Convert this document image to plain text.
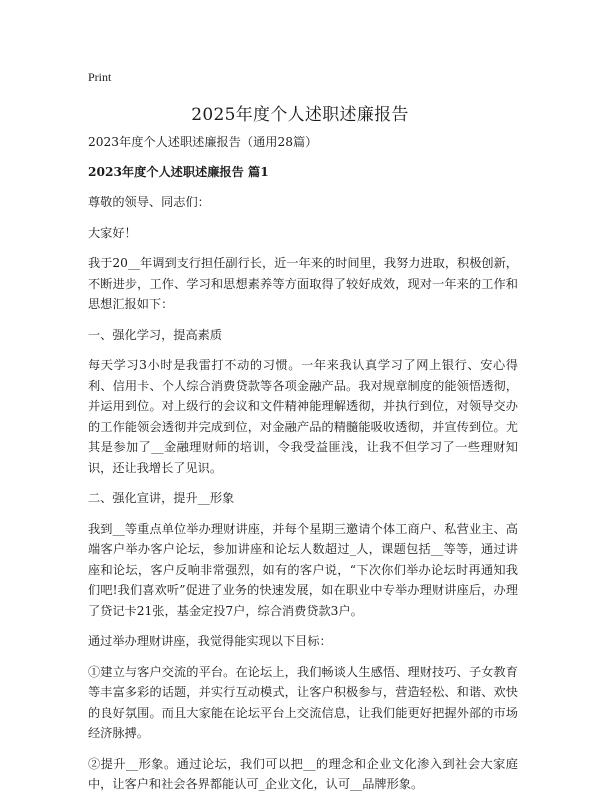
Print
2025年度个人述职述廉报告

2023年度个人述职述廉报告（通用28篇）

2023年度个人述职述廉报告 篇1

尊敬的领导、同志们：

大家好！

我于20__年调到支行担任副行长，近一年来的时间里，我努力进取，积极创新，不断进步，工作、学习和思想素养等方面取得了较好成效，现对一年来的工作和思想汇报如下：

一、强化学习，提高素质

每天学习3小时是我雷打不动的习惯。一年来我认真学习了网上银行、安心得利、信用卡、个人综合消费贷款等各项金融产品。我对规章制度的能领悟透彻，并运用到位。对上级行的会议和文件精神能理解透彻，并执行到位，对领导交办的工作能领会透彻并完成到位，对金融产品的精髓能吸收透彻，并宣传到位。尤其是参加了__金融理财师的培训，令我受益匪浅，让我不但学习了一些理财知识，还让我增长了见识。

二、强化宣讲，提升__形象

我到__等重点单位举办理财讲座，并每个星期三邀请个体工商户、私营业主、高端客户举办客户论坛，参加讲座和论坛人数超过_人，课题包括__等等，通过讲座和论坛，客户反响非常强烈，如有的客户说，“下次你们举办论坛时再通知我们吧!我们喜欢听”促进了业务的快速发展，如在职业中专举办理财讲座后，办理了贷记卡21张，基金定投7户，综合消费贷款3户。

通过举办理财讲座，我觉得能实现以下目标：

①建立与客户交流的平台。在论坛上，我们畅谈人生感悟、理财技巧、子女教育等丰富多彩的话题，并实行互动模式，让客户积极参与，营造轻松、和谐、欢快的良好氛围。而且大家能在论坛平台上交流信息，让我们能更好把握外部的市场经济脉搏。

②提升__形象。通过论坛，我们可以把__的理念和企业文化渗入到社会大家庭中，让客户和社会各界都能认可_企业文化，认可__品牌形象。
